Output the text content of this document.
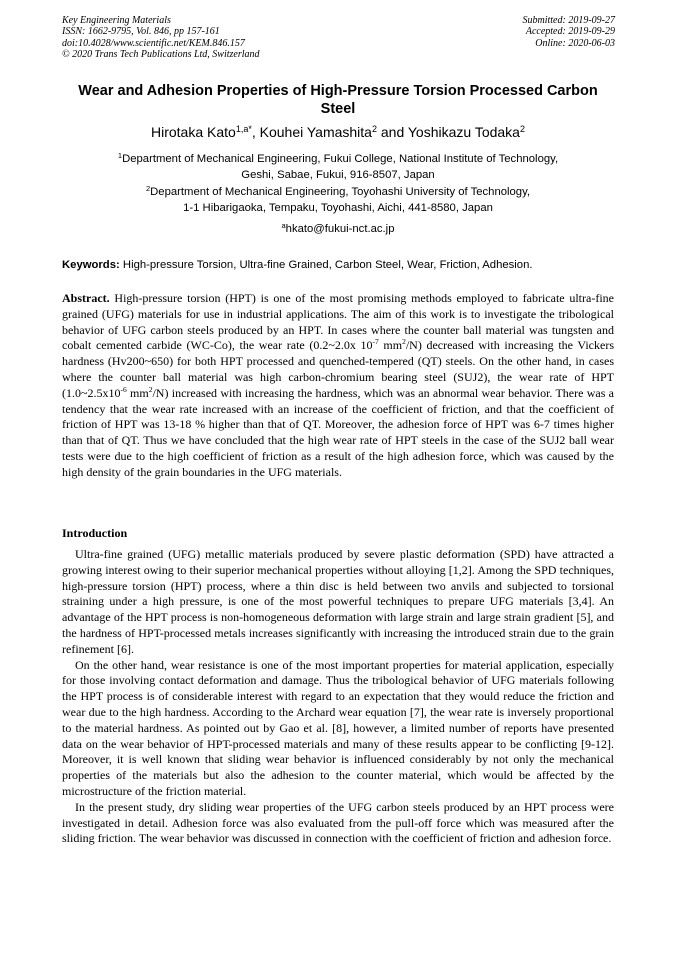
Key Engineering Materials
ISSN: 1662-9795, Vol. 846, pp 157-161
doi:10.4028/www.scientific.net/KEM.846.157
© 2020 Trans Tech Publications Ltd, Switzerland
Submitted: 2019-09-27
Accepted: 2019-09-29
Online: 2020-06-03
Wear and Adhesion Properties of High-Pressure Torsion Processed Carbon Steel
Hirotaka Kato$^{1,a*}$, Kouhei Yamashita$^2$ and Yoshikazu Todaka$^2$
$^1$Department of Mechanical Engineering, Fukui College, National Institute of Technology,
Geshi, Sabae, Fukui, 916-8507, Japan
$^2$Department of Mechanical Engineering, Toyohashi University of Technology,
1-1 Hibarigaoka, Tempaku, Toyohashi, Aichi, 441-8580, Japan
$^a$hkato@fukui-nct.ac.jp
Keywords: High-pressure Torsion, Ultra-fine Grained, Carbon Steel, Wear, Friction, Adhesion.

Abstract. High-pressure torsion (HPT) is one of the most promising methods employed to fabricate ultra-fine grained (UFG) materials for use in industrial applications. The aim of this work is to investigate the tribological behavior of UFG carbon steels produced by an HPT. In cases where the counter ball material was tungsten and cobalt cemented carbide (WC-Co), the wear rate (0.2~2.0x $10^{-7}$ $mm^2/N$) decreased with increasing the Vickers hardness (Hv200~650) for both HPT processed and quenched-tempered (QT) steels. On the other hand, in cases where the counter ball material was high carbon-chromium bearing steel (SUJ2), the wear rate of HPT ($1.0\sim 2.5x10^{-6}$ $mm^2/N$) increased with increasing the hardness, which was an abnormal wear behavior. There was a tendency that the wear rate increased with an increase of the coefficient of friction, and that the coefficient of friction of HPT was 13-18 % higher than that of QT. Moreover, the adhesion force of HPT was 6-7 times higher than that of QT. Thus we have concluded that the high wear rate of HPT steels in the case of the SUJ2 ball wear tests were due to the high coefficient of friction as a result of the high adhesion force, which was caused by the high density of the grain boundaries in the UFG materials.

Introduction

Ultra-fine grained (UFG) metallic materials produced by severe plastic deformation (SPD) have attracted a growing interest owing to their superior mechanical properties without alloying [1,2]. Among the SPD techniques, high-pressure torsion (HPT) process, where a thin disc is held between two anvils and subjected to torsional straining under a high pressure, is one of the most powerful techniques to prepare UFG materials [3,4]. An advantage of the HPT process is non-homogeneous deformation with large strain and large strain gradient [5], and the hardness of HPT-processed metals increases significantly with increasing the introduced strain due to the grain refinement [6].

On the other hand, wear resistance is one of the most important properties for material application, especially for those involving contact deformation and damage. Thus the tribological behavior of UFG materials following the HPT process is of considerable interest with regard to an expectation that they would reduce the friction and wear due to the high hardness. According to the Archard wear equation [7], the wear rate is inversely proportional to the material hardness. As pointed out by Gao et al. [8], however, a limited number of reports have presented data on the wear behavior of HPT-processed materials and many of these results appear to be conflicting [9-12]. Moreover, it is well known that sliding wear behavior is influenced considerably by not only the mechanical properties of the materials but also the adhesion to the counter material, which would be affected by the microstructure of the friction material.

In the present study, dry sliding wear properties of the UFG carbon steels produced by an HPT process were investigated in detail. Adhesion force was also evaluated from the pull-off force which was measured after the sliding friction. The wear behavior was discussed in connection with the coefficient of friction and adhesion force.
